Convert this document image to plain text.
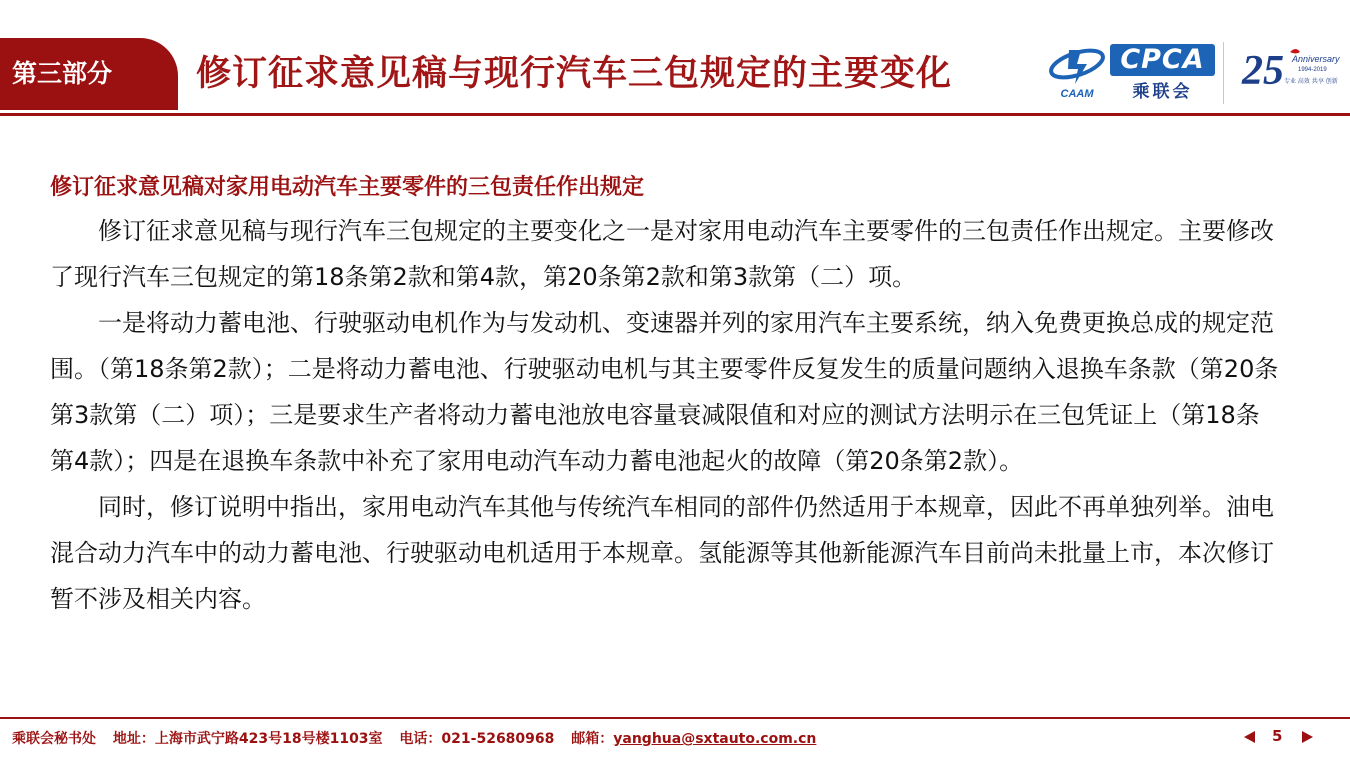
第三部分	修订征求意见稿与现行汽车三包规定的主要变化	CAAM
CPCA
乘联会	25 Anniversary
1994-2019
专业 高效 共享 创新
修订征求意见稿对家用电动汽车主要零件的三包责任作出规定

修订征求意见稿与现行汽车三包规定的主要变化之一是对家用电动汽车主要零件的三包责任作出规定。主要修改了现行汽车三包规定的第18条第2款和第4款，第20条第2款和第3款第（二）项。

一是将动力蓄电池、行驶驱动电机作为与发动机、变速器并列的家用汽车主要系统，纳入免费更换总成的规定范围。（第18条第2款）；二是将动力蓄电池、行驶驱动电机与其主要零件反复发生的质量问题纳入退换车条款（第20条第3款第（二）项）；三是要求生产者将动力蓄电池放电容量衰减限值和对应的测试方法明示在三包凭证上（第18条第4款）；四是在退换车条款中补充了家用电动汽车动力蓄电池起火的故障（第20条第2款）。

同时，修订说明中指出，家用电动汽车其他与传统汽车相同的部件仍然适用于本规章，因此不再单独列举。油电混合动力汽车中的动力蓄电池、行驶驱动电机适用于本规章。氢能源等其他新能源汽车目前尚未批量上市，本次修订暂不涉及相关内容。

乘联会秘书处 地址：上海市武宁路423号18号楼1103室 电话：021-52680968 邮箱：yanghua@sxtauto.com.cn	5
